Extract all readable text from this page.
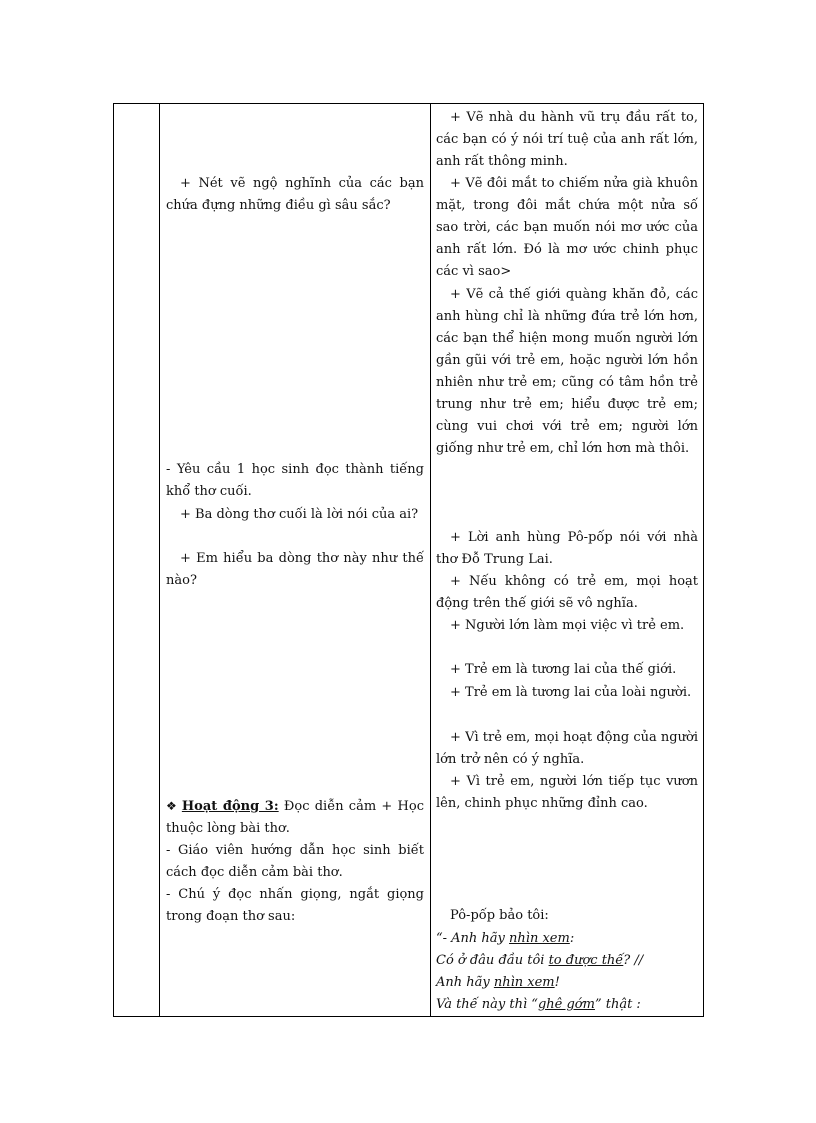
+ Nét vẽ ngộ nghĩnh của các bạn chứa đựng những điều gì sâu sắc?
- Yêu cầu 1 học sinh đọc thành tiếng khổ thơ cuối.
+ Ba dòng thơ cuối là lời nói của ai?
+ Em hiểu ba dòng thơ này như thế nào?
❖ Hoạt động 3: Đọc diễn cảm + Học thuộc lòng bài thơ.
- Giáo viên hướng dẫn học sinh biết cách đọc diễn cảm bài thơ.
- Chú ý đọc nhấn giọng, ngắt giọng trong đoạn thơ sau:
+ Vẽ nhà du hành vũ trụ đầu rất to, các bạn có ý nói trí tuệ của anh rất lớn, anh rất thông minh.
+ Vẽ đôi mắt to chiếm nửa già khuôn mặt, trong đôi mắt chứa một nửa số sao trời, các bạn muốn nói mơ ước của anh rất lớn. Đó là mơ ước chinh phục các vì sao>
+ Vẽ cả thế giới quàng khăn đỏ, các anh hùng chỉ là những đứa trẻ lớn hơn, các bạn thể hiện mong muốn người lớn gần gũi với trẻ em, hoặc người lớn hồn nhiên như trẻ em; cũng có tâm hồn trẻ trung như trẻ em; hiểu được trẻ em; cùng vui chơi với trẻ em; người lớn giống như trẻ em, chỉ lớn hơn mà thôi.
+ Lời anh hùng Pô-pốp nói với nhà thơ Đỗ Trung Lai.
+ Nếu không có trẻ em, mọi hoạt động trên thế giới sẽ vô nghĩa.
+ Người lớn làm mọi việc vì trẻ em.
+ Trẻ em là tương lai của thế giới.
+ Trẻ em là tương lai của loài người.
+ Vì trẻ em, mọi hoạt động của người lớn trở nên có ý nghĩa.
+ Vì trẻ em, người lớn tiếp tục vươn lên, chinh phục những đỉnh cao.
Pô-pốp bảo tôi:
“- Anh hãy nhìn xem:
Có ở đâu đầu tôi to được thế? //
Anh hãy nhìn xem!
Và thế này thì “ghê gớm” thật :
